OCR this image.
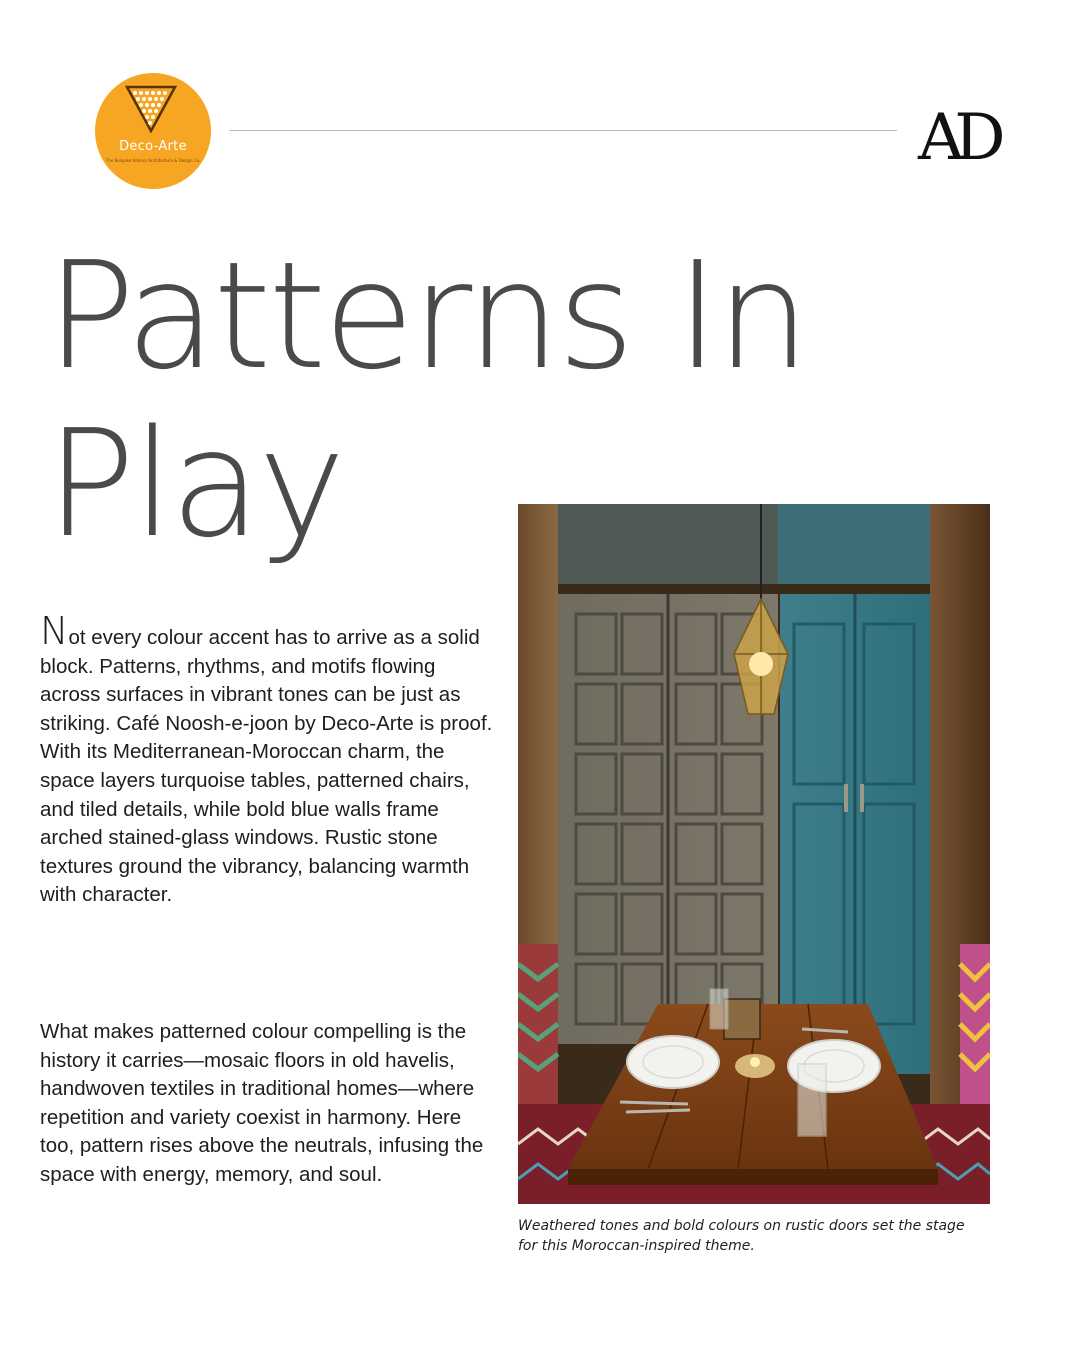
Deco-Arte
The Bespoke Interior Architecture & Design Co.	AD
Patterns In
Play

Not every colour accent has to arrive as a solid block. Patterns, rhythms, and motifs flowing across surfaces in vibrant tones can be just as striking. Café Noosh-e-joon by Deco-Arte is proof. With its Mediterranean-Moroccan charm, the space layers turquoise tables, patterned chairs, and tiled details, while bold blue walls frame arched stained-glass windows. Rustic stone textures ground the vibrancy, balancing warmth with character.

What makes patterned colour compelling is the history it carries—mosaic floors in old havelis, handwoven textiles in traditional homes—where repetition and variety coexist in harmony. Here too, pattern rises above the neutrals, infusing the space with energy, memory, and soul.

Weathered tones and bold colours on rustic doors set the stage for this Moroccan-inspired theme.
